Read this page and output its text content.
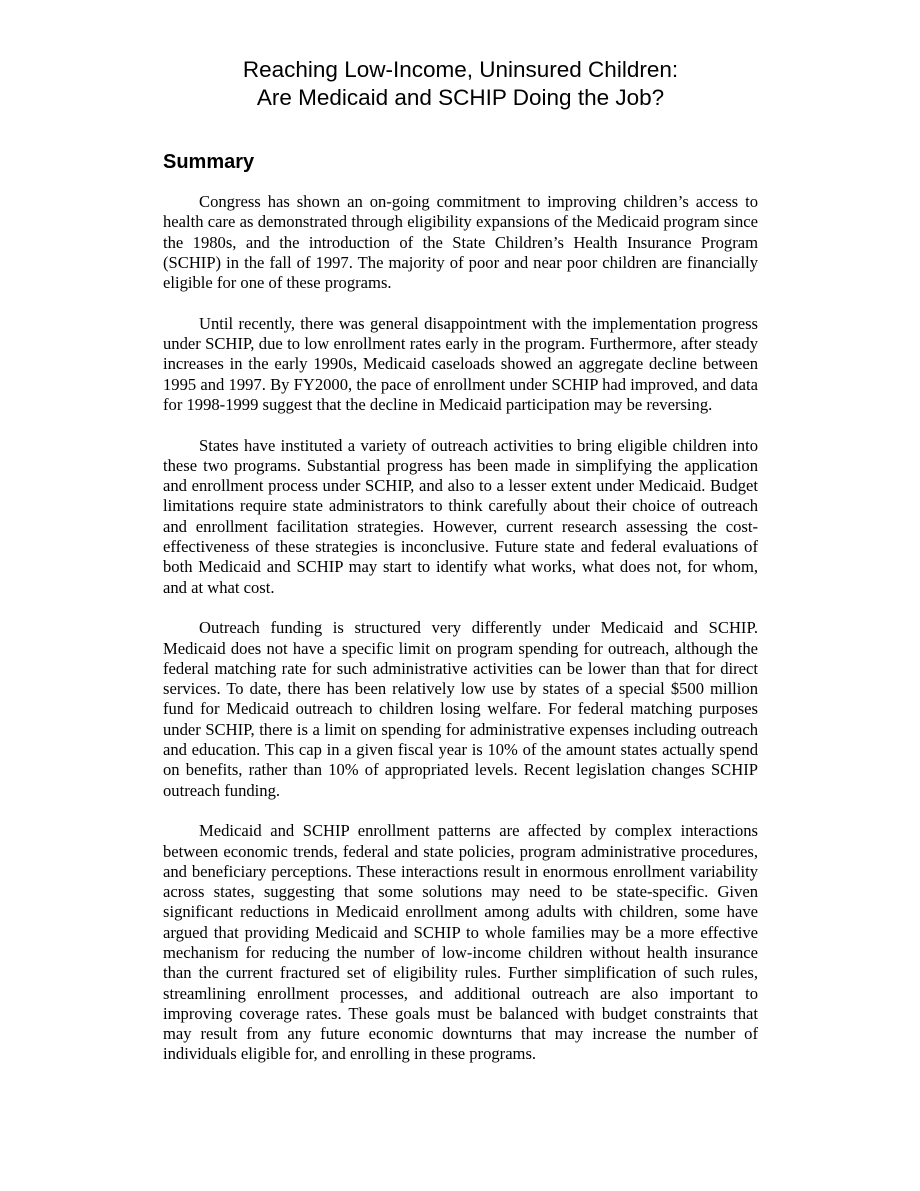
Reaching Low-Income, Uninsured Children:
Are Medicaid and SCHIP Doing the Job?
Summary

Congress has shown an on-going commitment to improving children’s access to health care as demonstrated through eligibility expansions of the Medicaid program since the 1980s, and the introduction of the State Children’s Health Insurance Program (SCHIP) in the fall of 1997. The majority of poor and near poor children are financially eligible for one of these programs.

Until recently, there was general disappointment with the implementation progress under SCHIP, due to low enrollment rates early in the program. Furthermore, after steady increases in the early 1990s, Medicaid caseloads showed an aggregate decline between 1995 and 1997. By FY2000, the pace of enrollment under SCHIP had improved, and data for 1998-1999 suggest that the decline in Medicaid participation may be reversing.

States have instituted a variety of outreach activities to bring eligible children into these two programs. Substantial progress has been made in simplifying the application and enrollment process under SCHIP, and also to a lesser extent under Medicaid. Budget limitations require state administrators to think carefully about their choice of outreach and enrollment facilitation strategies. However, current research assessing the cost-effectiveness of these strategies is inconclusive. Future state and federal evaluations of both Medicaid and SCHIP may start to identify what works, what does not, for whom, and at what cost.

Outreach funding is structured very differently under Medicaid and SCHIP. Medicaid does not have a specific limit on program spending for outreach, although the federal matching rate for such administrative activities can be lower than that for direct services. To date, there has been relatively low use by states of a special $500 million fund for Medicaid outreach to children losing welfare. For federal matching purposes under SCHIP, there is a limit on spending for administrative expenses including outreach and education. This cap in a given fiscal year is 10% of the amount states actually spend on benefits, rather than 10% of appropriated levels. Recent legislation changes SCHIP outreach funding.

Medicaid and SCHIP enrollment patterns are affected by complex interactions between economic trends, federal and state policies, program administrative procedures, and beneficiary perceptions. These interactions result in enormous enrollment variability across states, suggesting that some solutions may need to be state-specific. Given significant reductions in Medicaid enrollment among adults with children, some have argued that providing Medicaid and SCHIP to whole families may be a more effective mechanism for reducing the number of low-income children without health insurance than the current fractured set of eligibility rules. Further simplification of such rules, streamlining enrollment processes, and additional outreach are also important to improving coverage rates. These goals must be balanced with budget constraints that may result from any future economic downturns that may increase the number of individuals eligible for, and enrolling in these programs.
